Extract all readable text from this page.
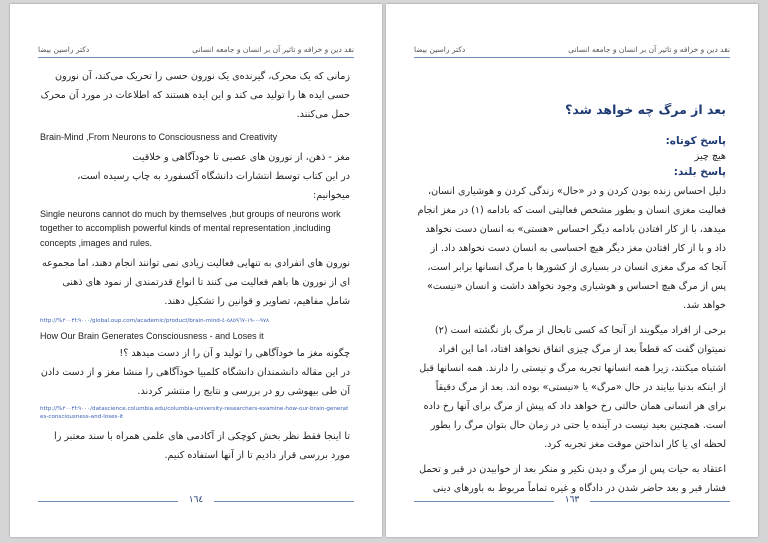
نقد دین و خرافه و تاثیر آن بر انسان و جامعه انسانی
دکتر راسین بیضا

زمانی که یک محرک، گیرنده‌ی یک نورون حسی را تحریک می‌کند، آن نورون حسی ایده ها را تولید می کند و این ایده هستند که اطلاعات در مورد آن محرک حمل می‌کنند.

Brain-Mind ,From Neurons to Consciousness and Creativity

مغز - ذهن، از نورون های عصبی تا خودآگاهی و خلاقیت

در این کتاب توسط انتشارات دانشگاه آکسفورد به چاپ رسیده است، میخوانیم:

Single neurons cannot do much by themselves ,but groups of neurons work together to accomplish powerful kinds of mental representation ,including concepts ,images and rules.

نورون های انفرادی به تنهایی فعالیت زیادی نمی توانند انجام دهند، اما مجموعه ای از نورون ها باهم فعالیت می کنند تا انواع قدرتمندی از نمود های ذهنی شامل مفاهیم، تصاویر و قوانین را تشکیل دهند.

http://%۲۰۰۴f:٩٠٠٠/global.oup.com/academic/product/brain-mind-٩٧٨-٠-١٩-٥٨٥٩٦٧-٤

How Our Brain Generates Consciousness - and Loses it

چگونه مغز ما خودآگاهی را تولید و آن را از دست میدهد ؟!

در این مقاله دانشمندان دانشگاه کلمبیا خودآگاهی را منشا مغز و از دست دادن آن طی بیهوشی رو در بررسی و نتایج را منتشر کردند.

http://%۲۰۰۴f:٩٠٠٠/datascience.columbia.edu/columbia-university-researchers-examine-how-our-brain-generates-consciousness-and-loses-it

تا اینجا فقط نظر بخش کوچکی از آکادمی های علمی همراه با سند معتبر را مورد بررسی قرار دادیم تا از آنها استفاده کنیم.

١٦٤
نقد دین و خرافه و تاثیر آن بر انسان و جامعه انسانی
دکتر راسین بیضا

بعد از مرگ چه خواهد شد؟

پاسخ کوتاه:

هیچ چیز

پاسخ بلند:

دلیل احساس زنده بودن کردن و در «حال» زندگی کردن و هوشیاری انسان، فعالیت مغزی انسان و بطور مشخص فعالیتی است که بادامه (۱) در مغز انجام میدهد، با از کار افتادن بادامه دیگر احساس «هستی» به انسان دست نخواهد داد و با از کار افتادن مغز دیگر هیچ احساسی به انسان دست نخواهد داد. از آنجا که مرگ مغزی انسان در بسیاری از کشورها با مرگ انسانها برابر است، پس از مرگ هیچ احساس و هوشیاری وجود نخواهد داشت و انسان «نیست» خواهد شد.

برخی از افراد میگویند از آنجا که کسی تابحال از مرگ باز نگشته است (۲) نمیتوان گفت که قطعاً بعد از مرگ چیزی اتفاق نخواهد افتاد، اما این افراد اشتباه میکنند، زیرا همه انسانها تجربه مرگ و نیستی را دارند. همه انسانها قبل از اینکه بدنیا بیایند در حال «مرگ» یا «نیستی» بوده اند. بعد از مرگ دقیقاً برای هر انسانی همان حالتی رخ خواهد داد که پیش از مرگ برای آنها رخ داده است. همچنین بعید نیست در آینده یا حتی در زمان حال بتوان مرگ را بطور لحظه ای یا کار انداختن موقت مغز تجربه کرد.

اعتقاد به حیات پس از مرگ و دیدن نکیر و منکر بعد از خوابیدن در قبر و تحمل فشار قبر و بعد حاضر شدن در دادگاه و غیره تماماً مربوط به باورهای دینی

١٦٣
